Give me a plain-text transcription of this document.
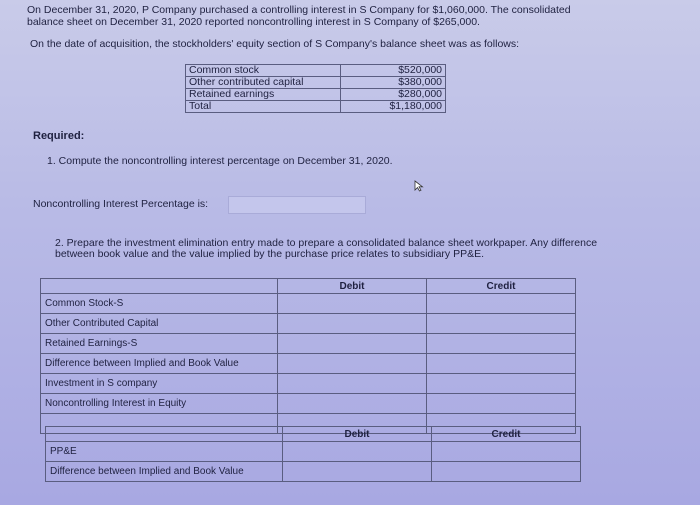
On December 31, 2020, P Company purchased a controlling interest in S Company for $1,060,000. The consolidated
balance sheet on December 31, 2020 reported noncontrolling interest in S Company of $265,000.
On the date of acquisition, the stockholders' equity section of S Company's balance sheet was as follows:
Common stock	$520,000
Other contributed capital	$380,000
Retained earnings	$280,000
Total	$1,180,000
Required:
1. Compute the noncontrolling interest percentage on December 31, 2020.
Noncontrolling Interest Percentage is:
2. Prepare the investment elimination entry made to prepare a consolidated balance sheet workpaper. Any difference
between book value and the value implied by the purchase price relates to subsidiary PP&E.
	Debit	Credit
Common Stock-S	

Other Contributed Capital	

Retained Earnings-S	

Difference between Implied and Book Value	

Investment in S company	

Noncontrolling Interest in Equity	

	Debit	Credit
PP&E	

Difference between Implied and Book Value	
